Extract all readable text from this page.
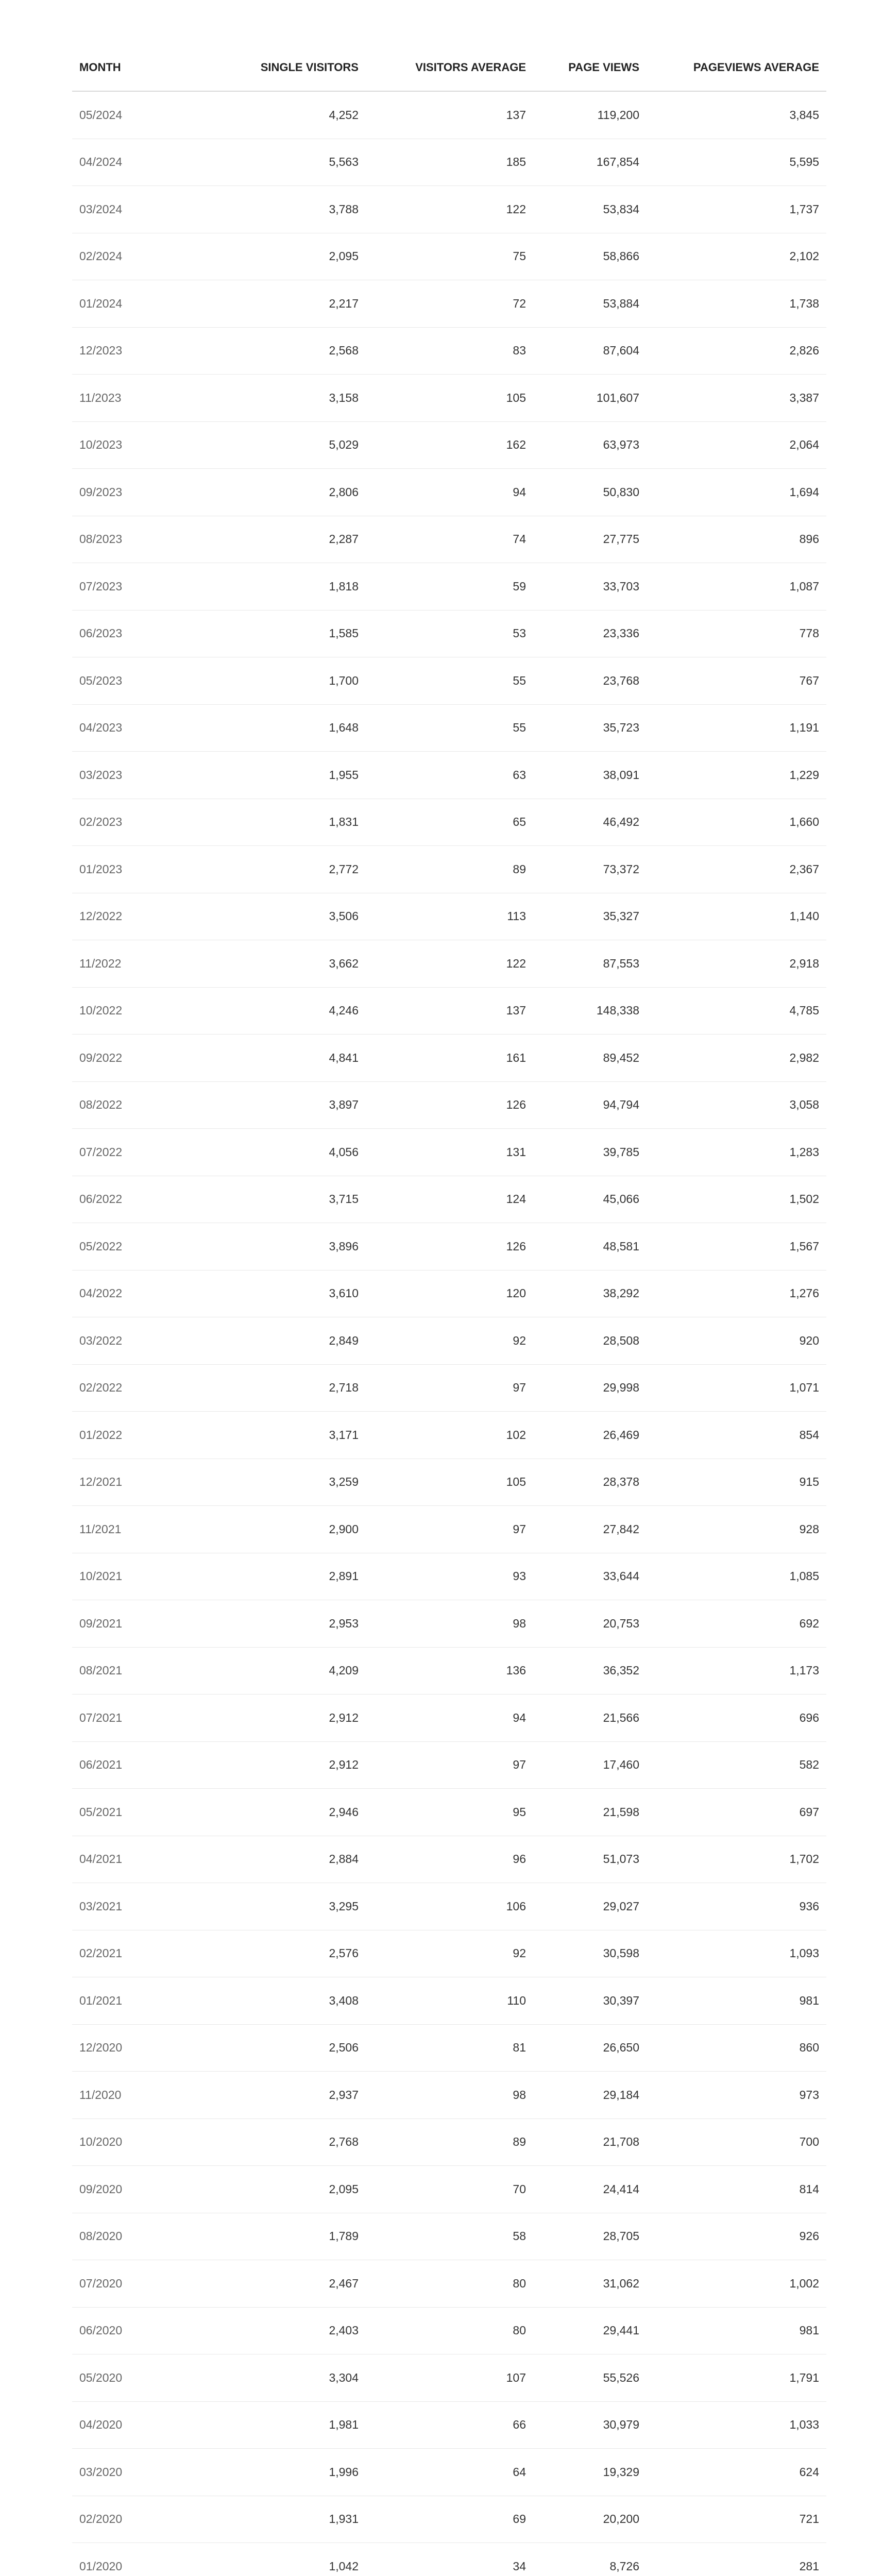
MONTH	SINGLE VISITORS	VISITORS AVERAGE	PAGE VIEWS	PAGEVIEWS AVERAGE
05/2024	4,252	137	119,200	3,845
04/2024	5,563	185	167,854	5,595
03/2024	3,788	122	53,834	1,737
02/2024	2,095	75	58,866	2,102
01/2024	2,217	72	53,884	1,738
12/2023	2,568	83	87,604	2,826
11/2023	3,158	105	101,607	3,387
10/2023	5,029	162	63,973	2,064
09/2023	2,806	94	50,830	1,694
08/2023	2,287	74	27,775	896
07/2023	1,818	59	33,703	1,087
06/2023	1,585	53	23,336	778
05/2023	1,700	55	23,768	767
04/2023	1,648	55	35,723	1,191
03/2023	1,955	63	38,091	1,229
02/2023	1,831	65	46,492	1,660
01/2023	2,772	89	73,372	2,367
12/2022	3,506	113	35,327	1,140
11/2022	3,662	122	87,553	2,918
10/2022	4,246	137	148,338	4,785
09/2022	4,841	161	89,452	2,982
08/2022	3,897	126	94,794	3,058
07/2022	4,056	131	39,785	1,283
06/2022	3,715	124	45,066	1,502
05/2022	3,896	126	48,581	1,567
04/2022	3,610	120	38,292	1,276
03/2022	2,849	92	28,508	920
02/2022	2,718	97	29,998	1,071
01/2022	3,171	102	26,469	854
12/2021	3,259	105	28,378	915
11/2021	2,900	97	27,842	928
10/2021	2,891	93	33,644	1,085
09/2021	2,953	98	20,753	692
08/2021	4,209	136	36,352	1,173
07/2021	2,912	94	21,566	696
06/2021	2,912	97	17,460	582
05/2021	2,946	95	21,598	697
04/2021	2,884	96	51,073	1,702
03/2021	3,295	106	29,027	936
02/2021	2,576	92	30,598	1,093
01/2021	3,408	110	30,397	981
12/2020	2,506	81	26,650	860
11/2020	2,937	98	29,184	973
10/2020	2,768	89	21,708	700
09/2020	2,095	70	24,414	814
08/2020	1,789	58	28,705	926
07/2020	2,467	80	31,062	1,002
06/2020	2,403	80	29,441	981
05/2020	3,304	107	55,526	1,791
04/2020	1,981	66	30,979	1,033
03/2020	1,996	64	19,329	624
02/2020	1,931	69	20,200	721
01/2020	1,042	34	8,726	281
